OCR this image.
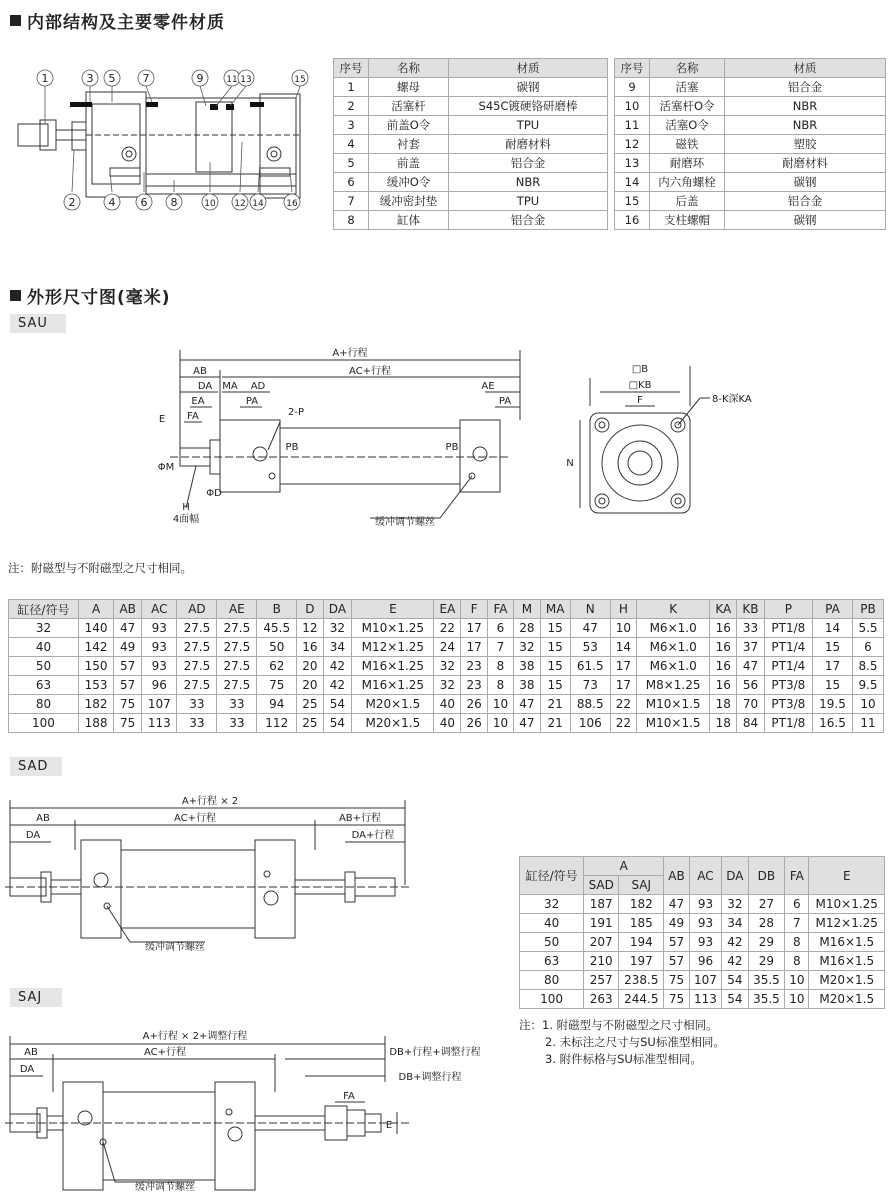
内部结构及主要零件材质
1	3 5 7	9	11 13	15
2	4 6 8	10 12 14	16
序号	名称	材质
1	螺母	碳钢
2	活塞杆	S45C镀硬铬研磨棒
3	前盖O令	TPU
4	衬套	耐磨材料
5	前盖	铝合金
6	缓冲O令	NBR
7	缓冲密封垫	TPU
8	缸体	铝合金
序号	名称	材质
9	活塞	铝合金
10	活塞杆O令	NBR
11	活塞O令	NBR
12	磁铁	塑胶
13	耐磨环	耐磨材料
14	内六角螺栓	碳钢
15	后盖	铝合金
16	支柱螺帽	碳钢
外形尺寸图(毫米)
SAU
A+行程
AC+行程
AB
DA MA AD
EA
FA
PA
AE
PA
2-P
E
ΦM
ΦD
H
4面幅
PB	PB
缓冲调节螺丝
□B
□KB
F	8-K深KA
N
注：附磁型与不附磁型之尺寸相同。
缸径/符号	A	AB	AC	AD	AE	B	D	DA	E	EA	F	FA	M	MA	N	H	K	KA	KB	P	PA	PB
32	140	47	93	27.5	27.5	45.5	12	32	M10×1.25	22	17	6	28	15	47	10	M6×1.0	16	33	PT1/8	14	5.5
40	142	49	93	27.5	27.5	50	16	34	M12×1.25	24	17	7	32	15	53	14	M6×1.0	16	37	PT1/4	15	6
50	150	57	93	27.5	27.5	62	20	42	M16×1.25	32	23	8	38	15	61.5	17	M6×1.0	16	47	PT1/4	17	8.5
63	153	57	96	27.5	27.5	75	20	42	M16×1.25	32	23	8	38	15	73	17	M8×1.25	16	56	PT3/8	15	9.5
80	182	75	107	33	33	94	25	54	M20×1.5	40	26	10	47	21	88.5	22	M10×1.5	18	70	PT3/8	19.5	10
100	188	75	113	33	33	112	25	54	M20×1.5	40	26	10	47	21	106	22	M10×1.5	18	84	PT1/8	16.5	11
SAD
A+行程 × 2
AB	AC+行程	AB+行程
DA	DA+行程
缓冲调节螺丝
SAJ
A+行程 × 2+调整行程
AB	AC+行程	DB+行程+调整行程
DA
DB+调整行程
FA
E
缓冲调节螺丝
缸径/符号	A		AB	AC	DA	DB	FA	E
	SAD	SAJ						
32	187	182	47	93	32	27	6	M10×1.25
40	191	185	49	93	34	28	7	M12×1.25
50	207	194	57	93	42	29	8	M16×1.5
63	210	197	57	96	42	29	8	M16×1.5
80	257	238.5	75	107	54	35.5	10	M20×1.5
100	263	244.5	75	113	54	35.5	10	M20×1.5
注：1. 附磁型与不附磁型之尺寸相同。
2. 未标注之尺寸与SU标准型相同。
3. 附件标格与SU标准型相同。
